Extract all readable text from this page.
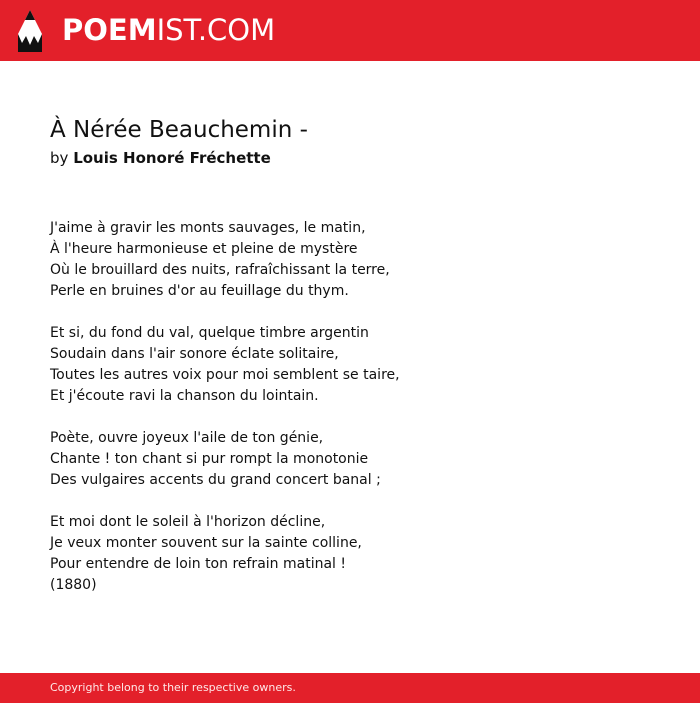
POEMIST.COM
À Nérée Beauchemin -

by Louis Honoré Fréchette

J'aime à gravir les monts sauvages, le matin,
À l'heure harmonieuse et pleine de mystère
Où le brouillard des nuits, rafraîchissant la terre,
Perle en bruines d'or au feuillage du thym.
Et si, du fond du val, quelque timbre argentin
Soudain dans l'air sonore éclate solitaire,
Toutes les autres voix pour moi semblent se taire,
Et j'écoute ravi la chanson du lointain.
Poète, ouvre joyeux l'aile de ton génie,
Chante ! ton chant si pur rompt la monotonie
Des vulgaires accents du grand concert banal ;
Et moi dont le soleil à l'horizon décline,
Je veux monter souvent sur la sainte colline,
Pour entendre de loin ton refrain matinal !
(1880)
Copyright belong to their respective owners.
